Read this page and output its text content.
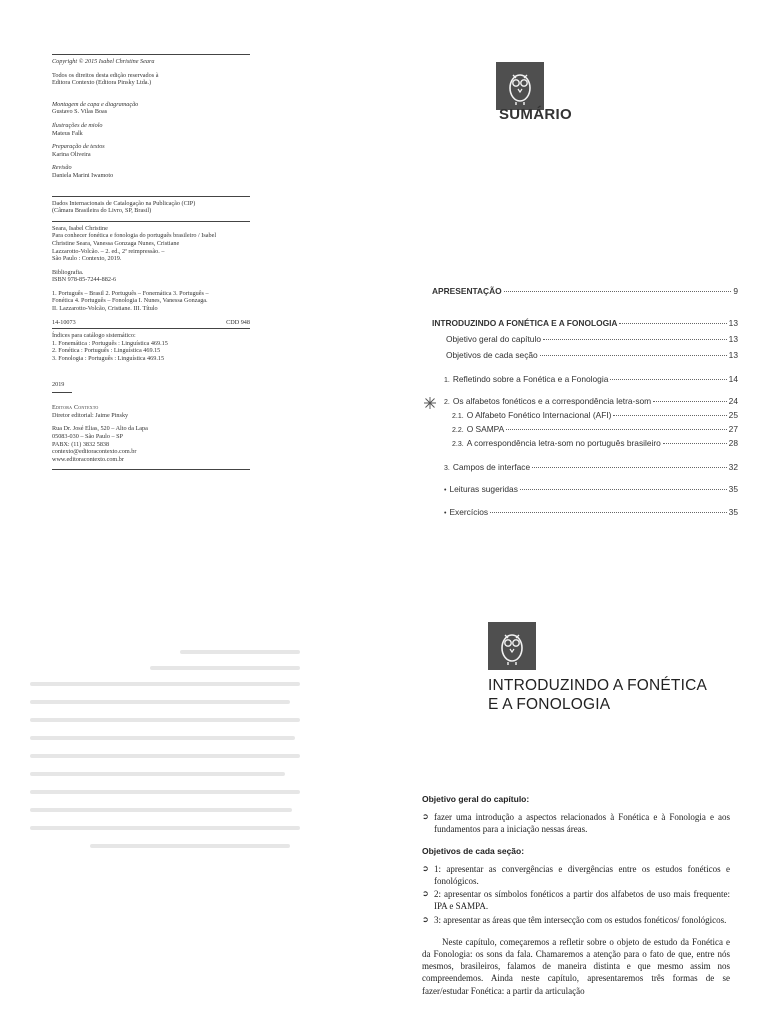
Copyright © 2015 Isabel Christine Seara
Todos os direitos desta edição reservados à
Editora Contexto (Editora Pinsky Ltda.)
Montagem de capa e diagramação
Gustavo S. Vilas Boas
Ilustrações de miolo
Mateus Falk
Preparação de textos
Karina Oliveira
Revisão
Daniela Marini Iwamoto
Dados Internacionais de Catalogação na Publicação (CIP)
(Câmara Brasileira do Livro, SP, Brasil)
Seara, Isabel Christine
Para conhecer fonética e fonologia do português brasileiro / Isabel
Christine Seara, Vanessa Gonzaga Nunes, Cristiane
Lazzarotto-Volcão. – 2. ed., 2ª reimpressão. –
São Paulo : Contexto, 2019.
Bibliografia.
ISBN 978-85-7244-882-6
1. Português – Brasil 2. Português – Fonemática 3. Português –
Fonética 4. Português – Fonologia I. Nunes, Vanessa Gonzaga.
II. Lazzarotto-Volcão, Cristiane. III. Título
14-10073	CDD 948
Índices para catálogo sistemático:
1. Fonemática : Português : Linguística 469.15
2. Fonética : Português : Linguística 469.15
3. Fonologia : Português : Linguística 469.15
2019
Editora Contexto
Diretor editorial: Jaime Pinsky
Rua Dr. José Elias, 520 – Alto da Lapa
05083-030 – São Paulo – SP
PABX: (11) 3832 5838
contexto@editoracontexto.com.br
www.editoracontexto.com.br
SUMÁRIO
APRESENTAÇÃO	9
INTRODUZINDO A FONÉTICA E A FONOLOGIA	13
Objetivo geral do capítulo	13
Objetivos de cada seção	13
1. Refletindo sobre a Fonética e a Fonologia	14
2. Os alfabetos fonéticos e a correspondência letra-som	24
2.1. O Alfabeto Fonético Internacional (AFI)	25
2.2. O SAMPA	27
2.3. A correspondência letra-som no português brasileiro	28
3. Campos de interface	32
• Leituras sugeridas	35
• Exercícios	35
INTRODUZINDO A FONÉTICA
E A FONOLOGIA
Objetivo geral do capítulo:
➲ fazer uma introdução a aspectos relacionados à Fonética e à Fonologia e aos fundamentos para a iniciação nessas áreas.
Objetivos de cada seção:
➲ 1: apresentar as convergências e divergências entre os estudos fonéticos e fonológicos.
➲ 2: apresentar os símbolos fonéticos a partir dos alfabetos de uso mais frequente: IPA e SAMPA.
➲ 3: apresentar as áreas que têm intersecção com os estudos fonéticos/ fonológicos.

Neste capítulo, começaremos a refletir sobre o objeto de estudo da Fonética e da Fonologia: os sons da fala. Chamaremos a atenção para o fato de que, entre nós mesmos, brasileiros, falamos de maneira distinta e que mesmo assim nos compreendemos. Ainda neste capítulo, apresentaremos três formas de se fazer/estudar Fonética: a partir da articulação
